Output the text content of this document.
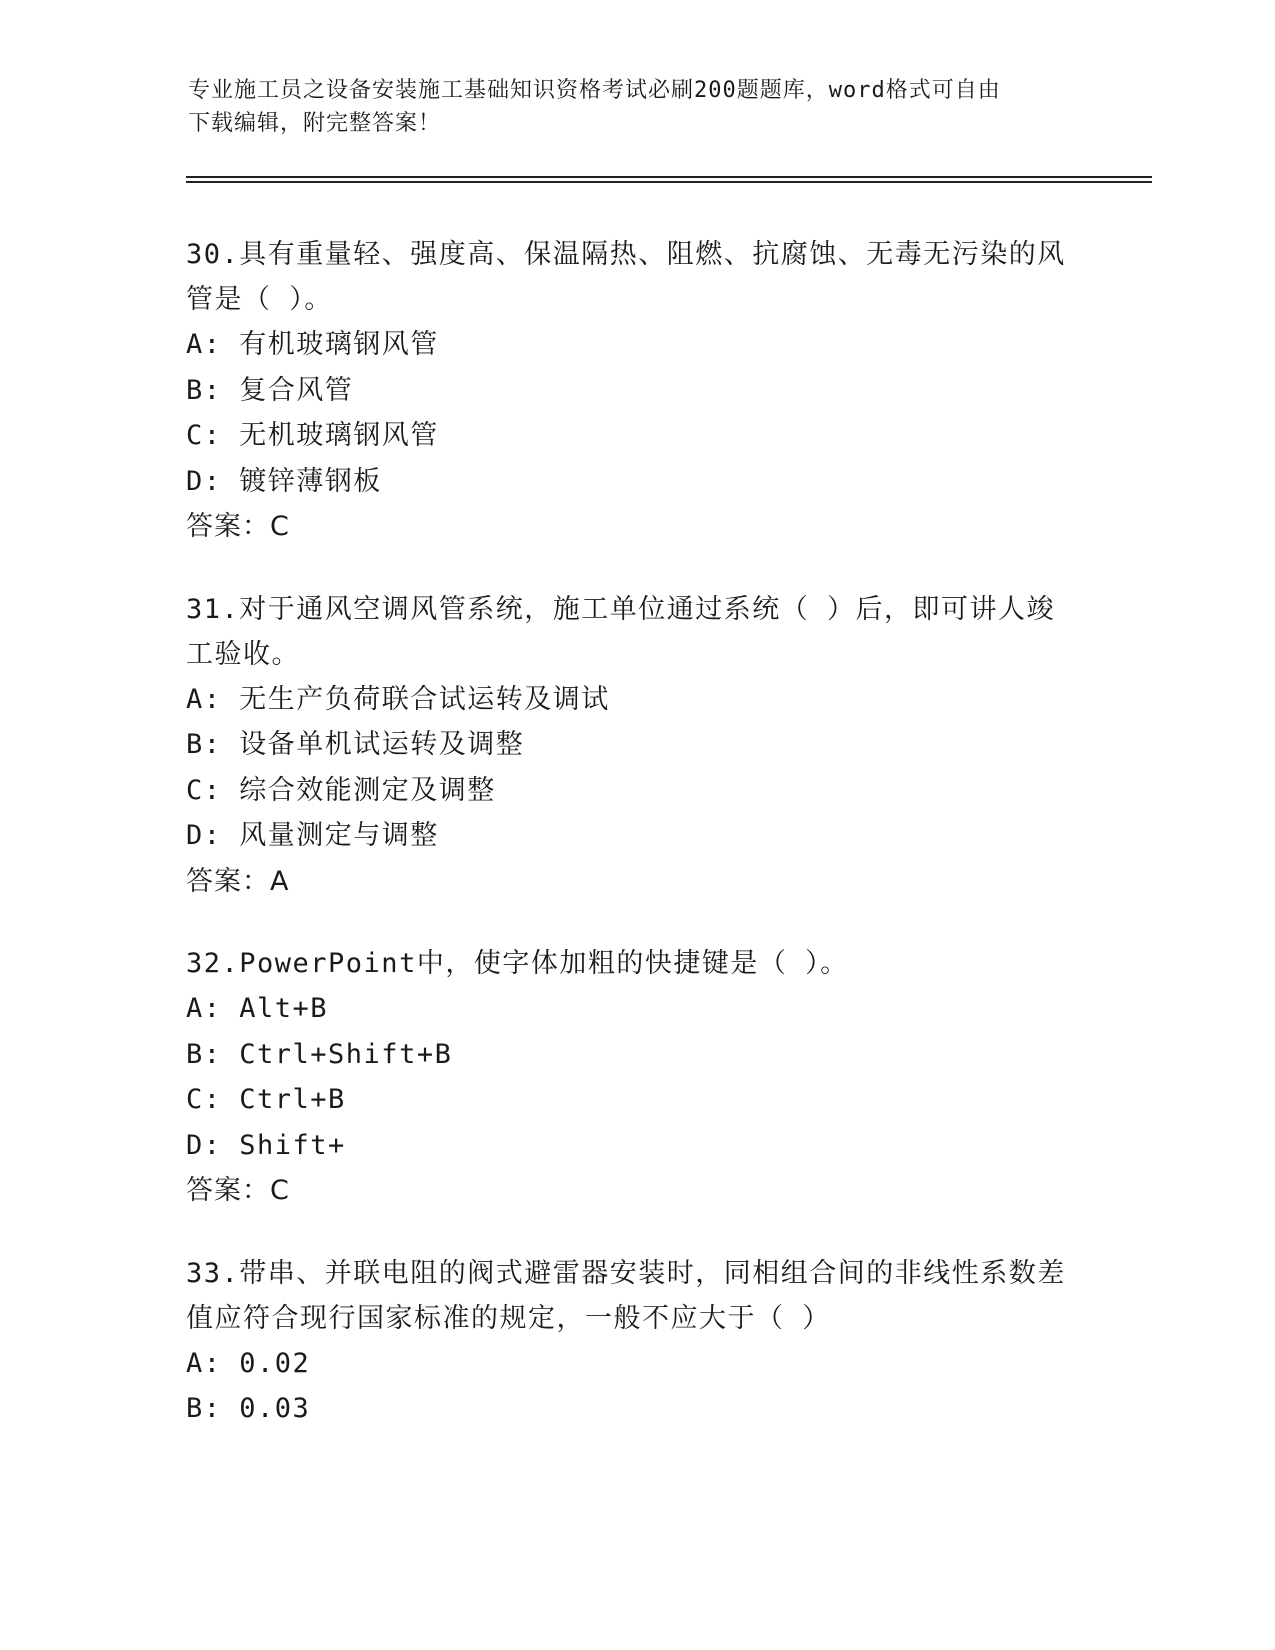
专业施工员之设备安装施工基础知识资格考试必刷200题题库，word格式可自由
下载编辑，附完整答案！
30.具有重量轻、强度高、保温隔热、阻燃、抗腐蚀、无毒无污染的风
管是（ ）。
A: 有机玻璃钢风管
B: 复合风管
C: 无机玻璃钢风管
D: 镀锌薄钢板
答案：C
31.对于通风空调风管系统，施工单位通过系统（ ）后，即可讲人竣
工验收。
A: 无生产负荷联合试运转及调试
B: 设备单机试运转及调整
C: 综合效能测定及调整
D: 风量测定与调整
答案：A
32.PowerPoint中，使字体加粗的快捷键是（ ）。
A: Alt+B
B: Ctrl+Shift+B
C: Ctrl+B
D: Shift+
答案：C
33.带串、并联电阻的阀式避雷器安装时，同相组合间的非线性系数差
值应符合现行国家标准的规定，一般不应大于（ ）
A: 0.02
B: 0.03
